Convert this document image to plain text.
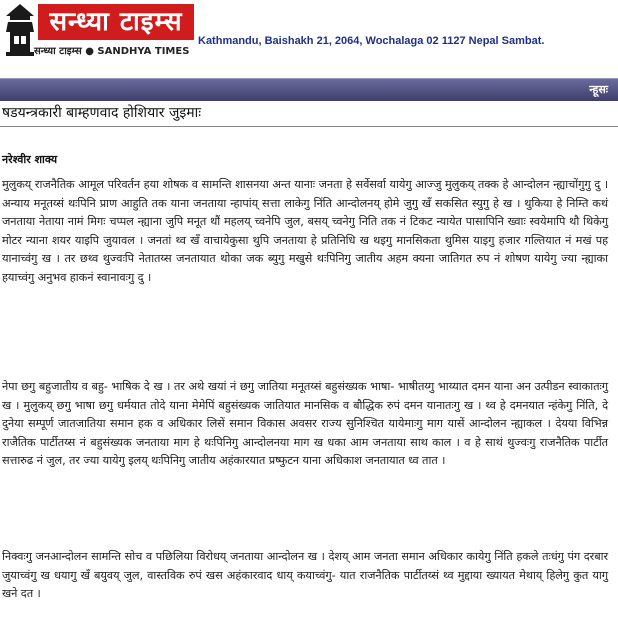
सन्ध्या टाइम्स
सन्ध्या टाइम्स ● SANDHYA TIMES
Kathmandu, Baishakh 21, 2064, Wochalaga 02 1127 Nepal Sambat.
न्हूसः
षडयन्त्रकारी बाम्हणवाद होशियार जुइमाः
नरेश्वीर शाक्य

मुलुकय् राजनैतिक आमूल परिवर्तन हया शोषक व सामन्ति शासनया अन्त यानाः जनता हे सर्वेसर्वा यायेगु आज्जु मुलुकय् तक्क हे आन्दोलन न्ह्याचोंगुगु दु । अन्याय मनूतय्सं थःपिनि प्राण आहुति तक याना जनताया न्हापांय् सत्ता लाकेगु निंति आन्दोलनय् होमे जुगु खँ सकसित स्युगु हे ख । थुकिया हे निम्ति कथं जनताया नेताया नामं मिगः चप्पल न्ह्याना जुपि मनूत थौं महलय् च्वनेपि जुल, बसय् च्वनेगु निति तक नं टिकट न्यायेत पासापिनि ख्वाः स्वयेमापि थौ थिकेगु मोटर न्याना शयर याइपि जुयावल । जनतां थ्व खँ वाचायेकुसा थुपि जनताया हे प्रतिनिधि ख थइगु मानसिकता थुमिस याइगु हजार गल्तियात नं मखं पह यानाच्वंगु ख । तर छथ्व थुज्वःपि नेतातय्स जनतायात थोका जक ब्युगु मखुसे थःपिनिगु जातीय अहम क्यना जातिगत रुप नं शोषण यायेगु ज्या न्ह्याका हयाच्वंगु अनुभव हाकनं स्वानावःगु दु ।

नेपा छगु बहुजातीय व बहु- भाषिक दे ख । तर अथे खयां नं छगु जातिया मनूतय्सं बहुसंख्यक भाषा- भाषीतय्गु भाय्यात दमन याना अन उत्पीडन स्वाकातःगु ख । मुलुकय् छगु भाषा छगु धर्मयात तोदे याना मेमेपिं बहुसंख्यक जातियात मानसिक व बौद्धिक रुपं दमन यानातःगु ख । थ्व हे दमनयात न्हंकेगु निंति, दे दुनेया सम्पूर्ण जातजातिया समान हक व अधिकार लिसें समान विकास अवसर राज्य सुनिश्चित यायेमाःगु माग यासें आन्दोलन न्ह्याकल । देयया विभिन्न राजैतिक पार्टीतय्स नं बहुसंख्यक जनताया माग हे थःपिनिगु आन्दोलनया माग ख धका आम जनताया साथ काल । व हे साथं थुज्वःगु राजनैतिक पार्टीत सत्तारुढ नं जुल, तर ज्या यायेगु इलय् थःपिनिगु जातीय अहंकारयात प्रष्फुटन याना अधिकाश जनतायात ध्व तात ।

निक्वःगु जनआन्दोलन सामन्ति सोच व पछिलिया विरोधय् जनताया आन्दोलन ख । देशय् आम जनता समान अधिकार कायेगु निंति हकले तःधंगु पंग दरबार जुयाच्वंगु ख धयागु खँ बयुवय् जुल, वास्तविक रुपं खस अहंकारवाद धाय् कयाच्वंगु- यात राजनैतिक पार्टीतय्सं थ्व मुद्दाया ख्यायत मेथाय् हिलेगु कुत यागु खने दत ।
